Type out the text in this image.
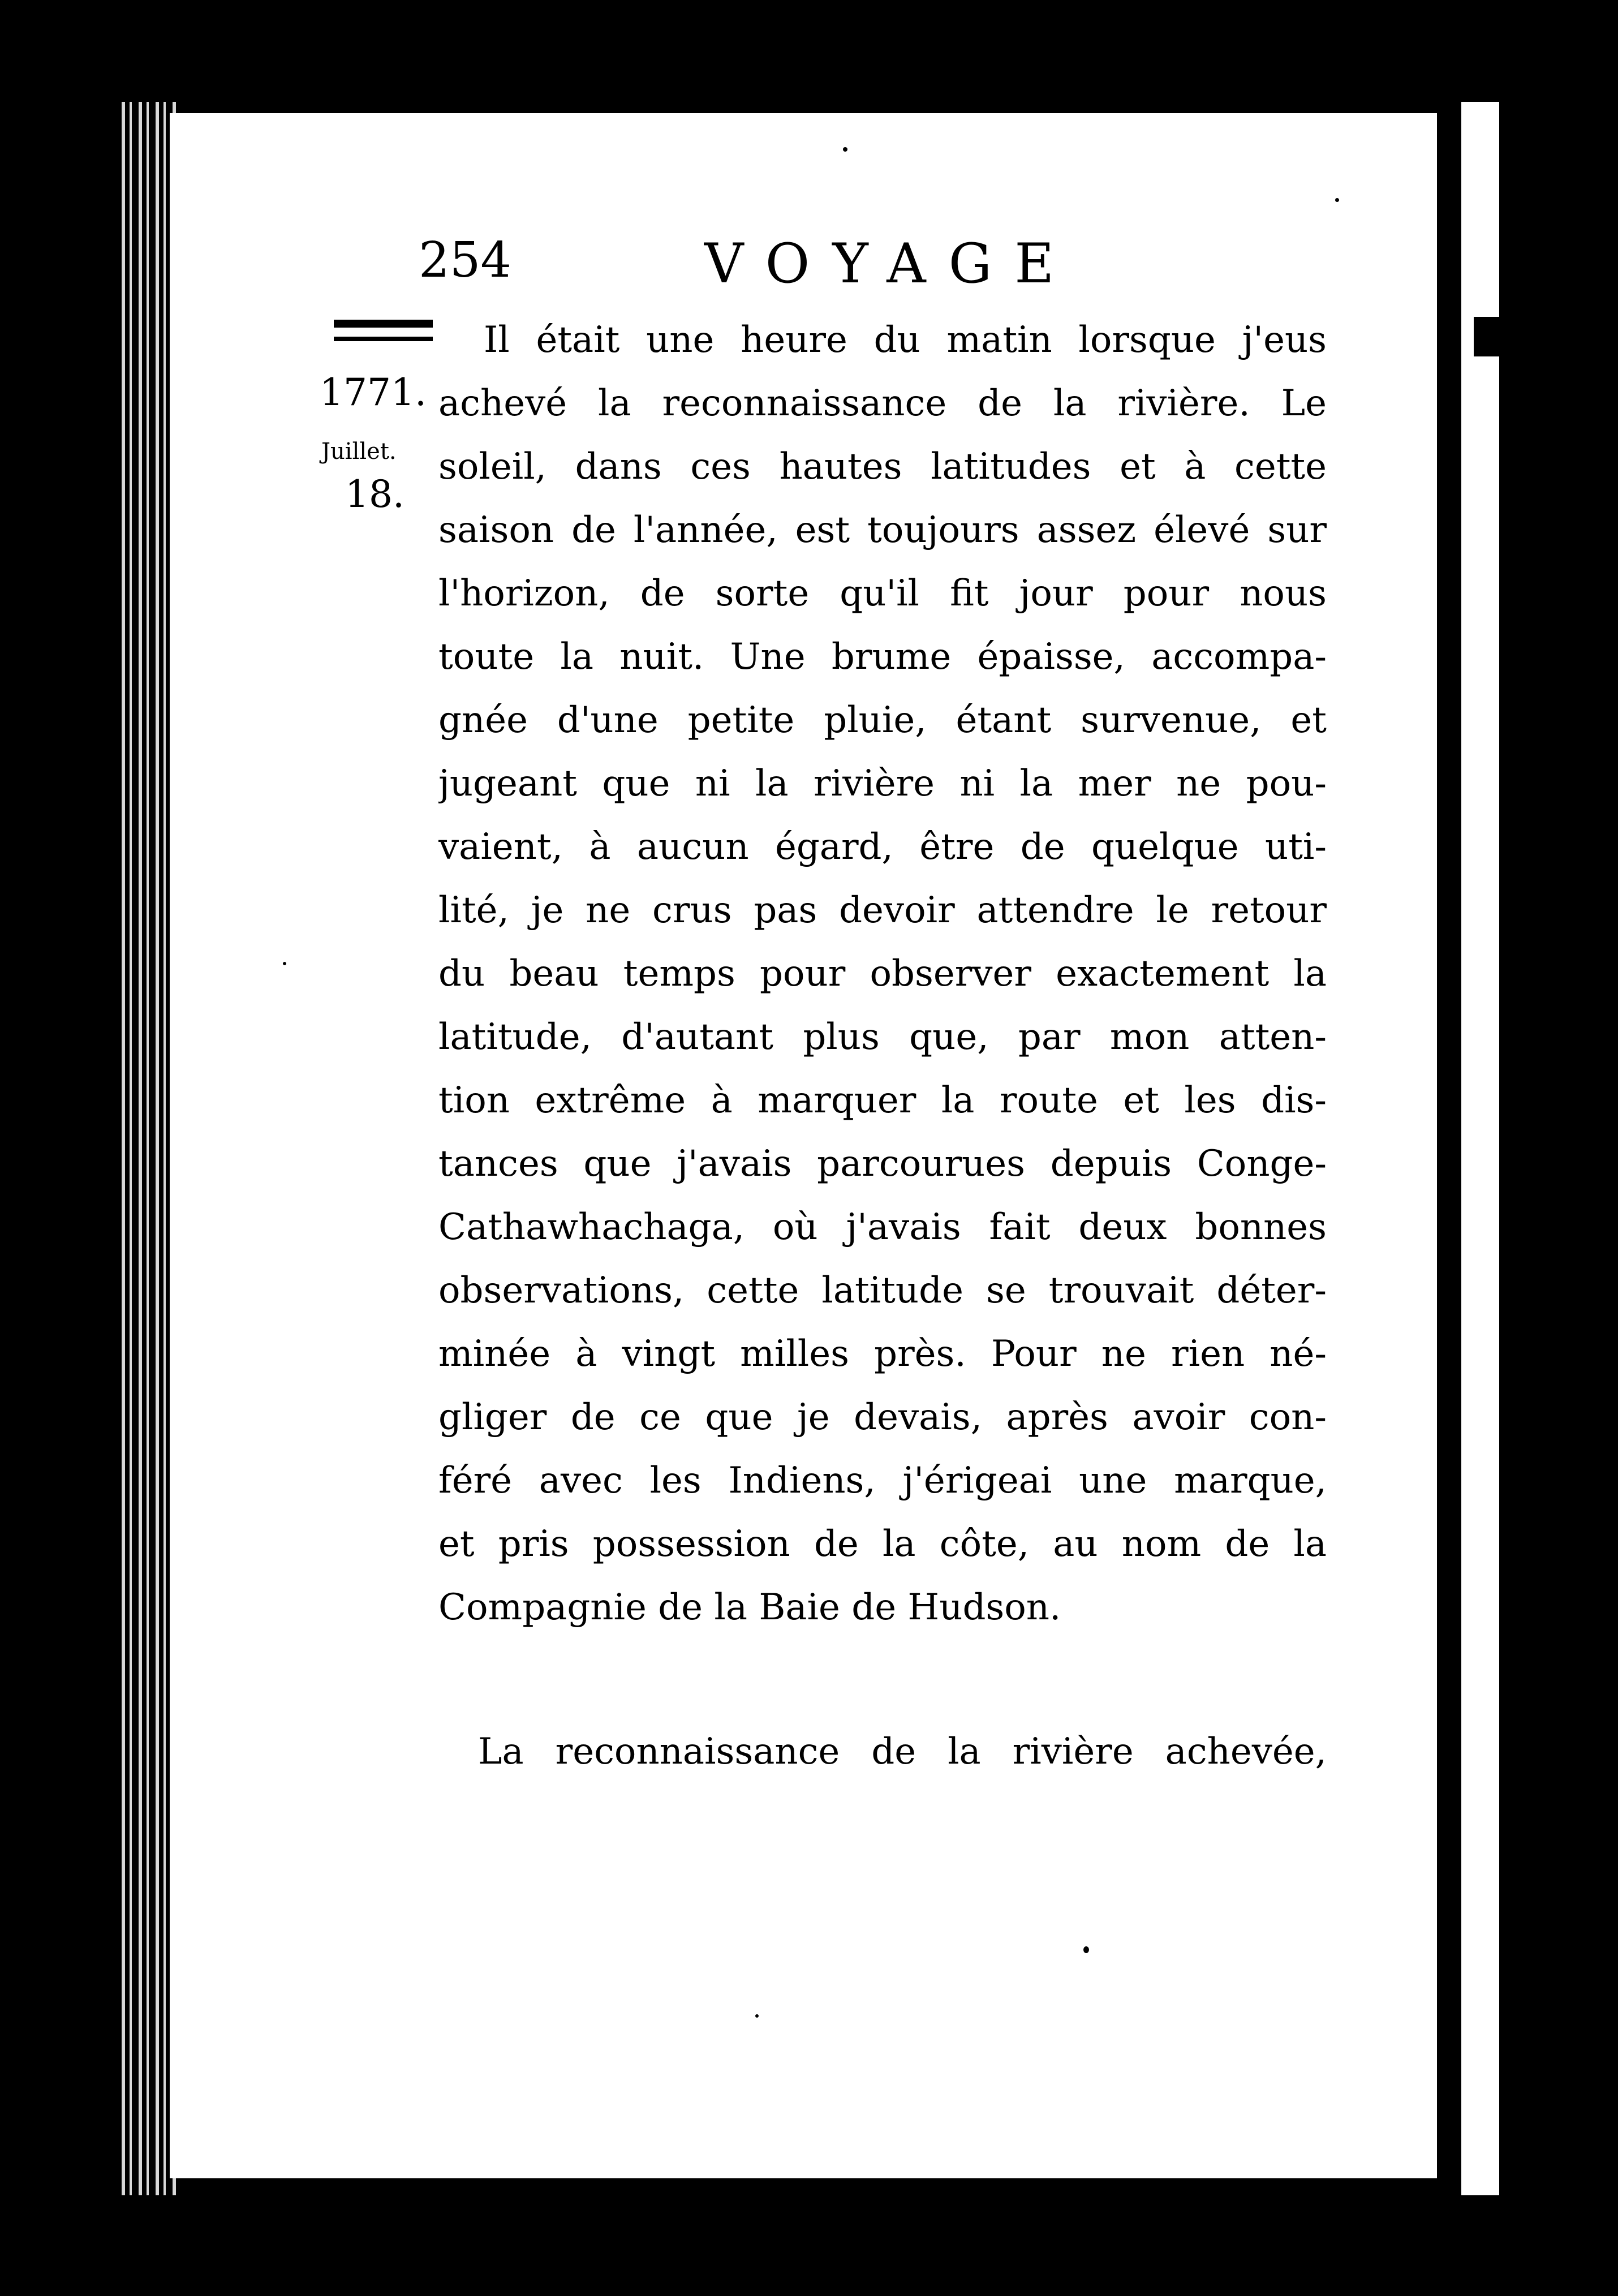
254	VOYAGE
1771.
Juillet.
18.
Il était une heure du matin lorsque j'eus
achevé la reconnaissance de la rivière. Le
soleil, dans ces hautes latitudes et à cette
saison de l'année, est toujours assez élevé sur
l'horizon, de sorte qu'il fit jour pour nous
toute la nuit. Une brume épaisse, accompa-
gnée d'une petite pluie, étant survenue, et
jugeant que ni la rivière ni la mer ne pou-
vaient, à aucun égard, être de quelque uti-
lité, je ne crus pas devoir attendre le retour
du beau temps pour observer exactement la
latitude, d'autant plus que, par mon atten-
tion extrême à marquer la route et les dis-
tances que j'avais parcourues depuis Conge-
Cathawhachaga, où j'avais fait deux bonnes
observations, cette latitude se trouvait déter-
minée à vingt milles près. Pour ne rien né-
gliger de ce que je devais, après avoir con-
féré avec les Indiens, j'érigeai une marque,
et pris possession de la côte, au nom de la
Compagnie de la Baie de Hudson.
La reconnaissance de la rivière achevée,
